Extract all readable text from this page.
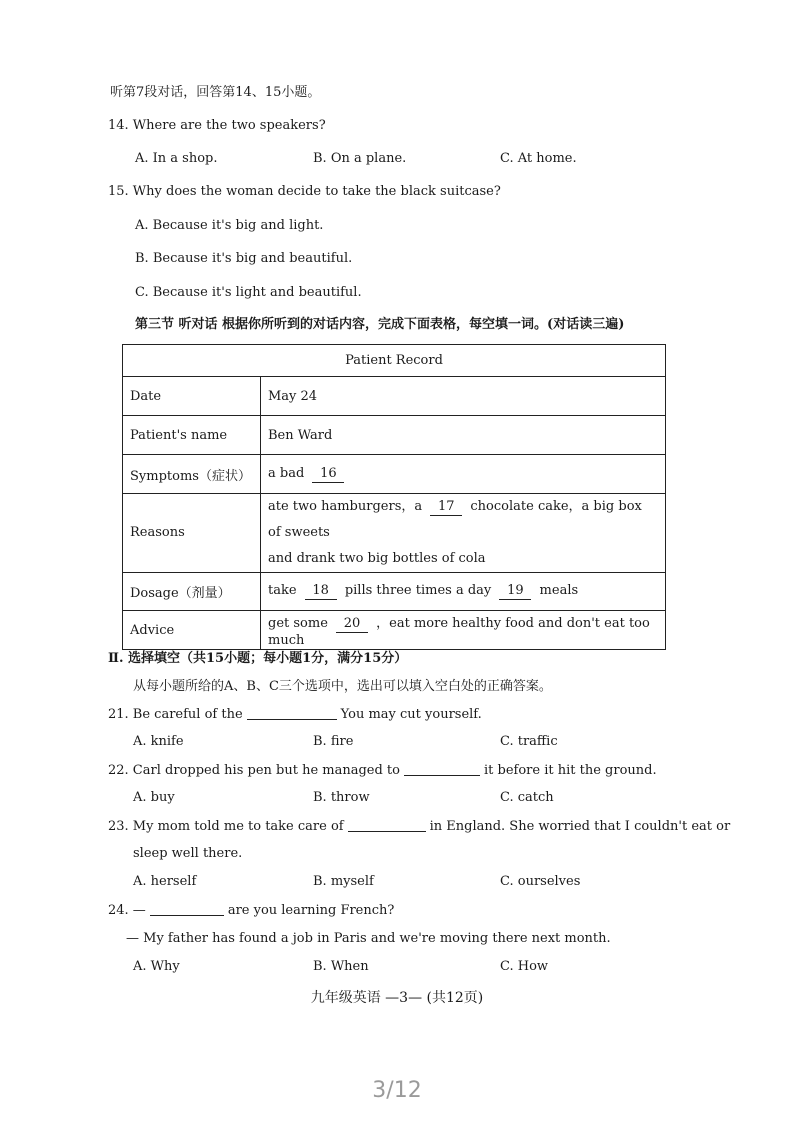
听第7段对话，回答第14、15小题。
14. Where are the two speakers?
A. In a shop.	B. On a plane.	C. At home.
15. Why does the woman decide to take the black suitcase?
A. Because it's big and light.
B. Because it's big and beautiful.
C. Because it's light and beautiful.
第三节 听对话 根据你所听到的对话内容，完成下面表格，每空填一词。(对话读三遍)
Patient Record	
Date	May 24
Patient's name	Ben Ward
Symptoms（症状）	a bad 16
Reasons	ate two hamburgers，a 17 chocolate cake，a big box of sweets
and drank two big bottles of cola
Dosage（剂量）	take 18 pills three times a day 19 meals
Advice	get some 20 ，eat more healthy food and don't eat too much
Ⅱ. 选择填空（共15小题；每小题1分，满分15分）
从每小题所给的A、B、C三个选项中，选出可以填入空白处的正确答案。
21. Be careful of the	You may cut yourself.
A. knife	B. fire	C. traffic
22. Carl dropped his pen but he managed to	it before it hit the ground.
A. buy	B. throw	C. catch
23. My mom told me to take care of	in England. She worried that I couldn't eat or
sleep well there.
A. herself	B. myself	C. ourselves
24. —	are you learning French?
— My father has found a job in Paris and we're moving there next month.
A. Why	B. When	C. How
九年级英语 —3— (共12页)
3/12
